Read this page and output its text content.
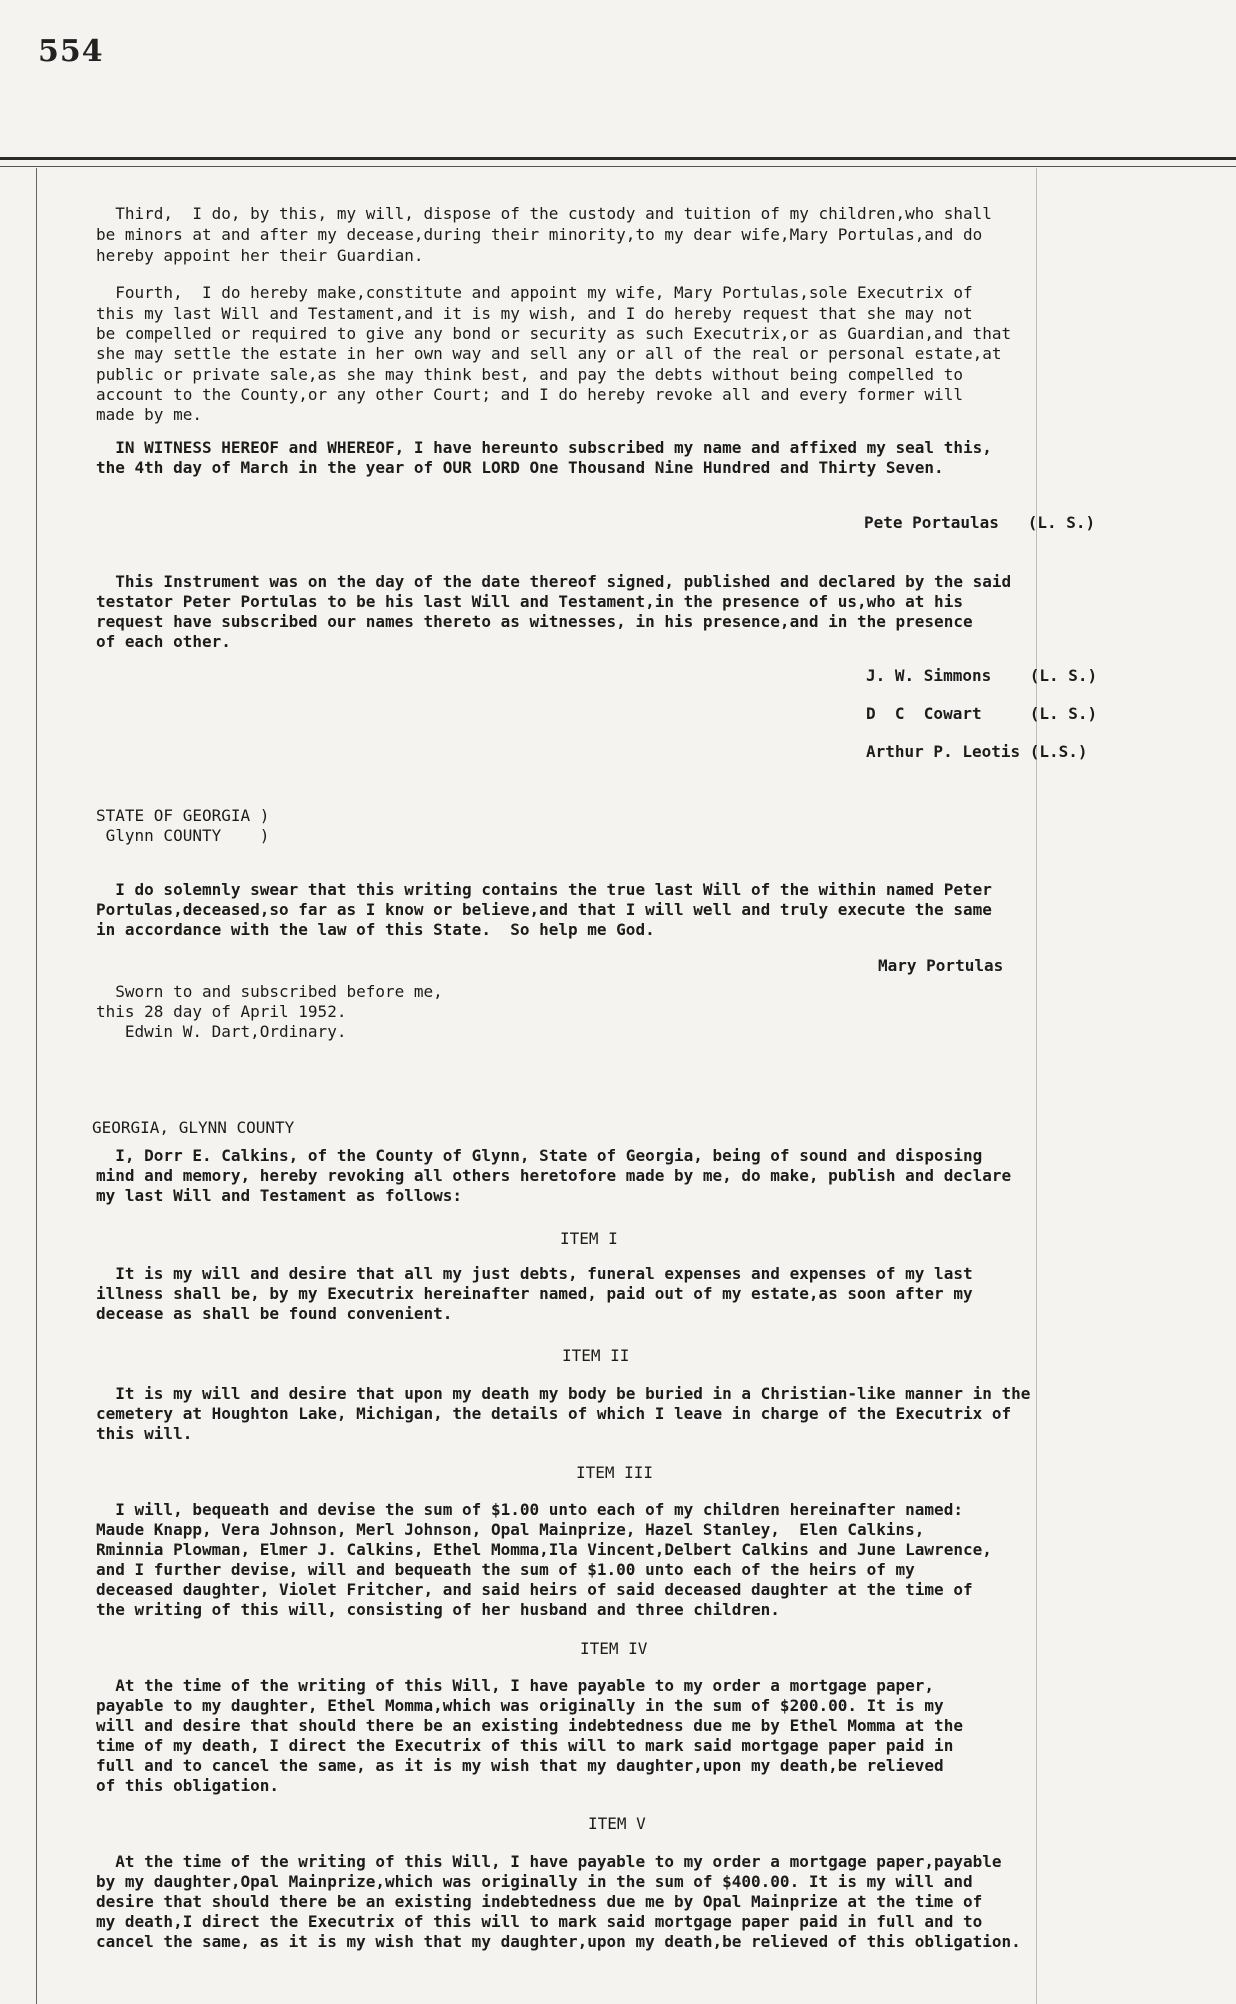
554

Third,  I do, by this, my will, dispose of the custody and tuition of my children,who shall

be minors at and after my decease,during their minority,to my dear wife,Mary Portulas,and do

hereby appoint her their Guardian.

Fourth,  I do hereby make,constitute and appoint my wife, Mary Portulas,sole Executrix of

this my last Will and Testament,and it is my wish, and I do hereby request that she may not

be compelled or required to give any bond or security as such Executrix,or as Guardian,and that

she may settle the estate in her own way and sell any or all of the real or personal estate,at

public or private sale,as she may think best, and pay the debts without being compelled to

account to the County,or any other Court; and I do hereby revoke all and every former will

made by me.

IN WITNESS HEREOF and WHEREOF, I have hereunto subscribed my name and affixed my seal this,

the 4th day of March in the year of OUR LORD One Thousand Nine Hundred and Thirty Seven.

Pete Portaulas   (L. S.)

This Instrument was on the day of the date thereof signed, published and declared by the said

testator Peter Portulas to be his last Will and Testament,in the presence of us,who at his

request have subscribed our names thereto as witnesses, in his presence,and in the presence

of each other.

J. W. Simmons    (L. S.)

D  C  Cowart     (L. S.)

Arthur P. Leotis (L.S.)

STATE OF GEORGIA )

Glynn COUNTY    )

I do solemnly swear that this writing contains the true last Will of the within named Peter

Portulas,deceased,so far as I know or believe,and that I will well and truly execute the same

in accordance with the law of this State.  So help me God.

Mary Portulas

Sworn to and subscribed before me,

this 28 day of April 1952.

Edwin W. Dart,Ordinary.

GEORGIA, GLYNN COUNTY

I, Dorr E. Calkins, of the County of Glynn, State of Georgia, being of sound and disposing

mind and memory, hereby revoking all others heretofore made by me, do make, publish and declare

my last Will and Testament as follows:

ITEM I

It is my will and desire that all my just debts, funeral expenses and expenses of my last

illness shall be, by my Executrix hereinafter named, paid out of my estate,as soon after my

decease as shall be found convenient.

ITEM II

It is my will and desire that upon my death my body be buried in a Christian-like manner in the

cemetery at Houghton Lake, Michigan, the details of which I leave in charge of the Executrix of

this will.

ITEM III

I will, bequeath and devise the sum of $1.00 unto each of my children hereinafter named:

Maude Knapp, Vera Johnson, Merl Johnson, Opal Mainprize, Hazel Stanley,  Elen Calkins,

Rminnia Plowman, Elmer J. Calkins, Ethel Momma,Ila Vincent,Delbert Calkins and June Lawrence,

and I further devise, will and bequeath the sum of $1.00 unto each of the heirs of my

deceased daughter, Violet Fritcher, and said heirs of said deceased daughter at the time of

the writing of this will, consisting of her husband and three children.

ITEM IV

At the time of the writing of this Will, I have payable to my order a mortgage paper,

payable to my daughter, Ethel Momma,which was originally in the sum of $200.00. It is my

will and desire that should there be an existing indebtedness due me by Ethel Momma at the

time of my death, I direct the Executrix of this will to mark said mortgage paper paid in

full and to cancel the same, as it is my wish that my daughter,upon my death,be relieved

of this obligation.

ITEM V

At the time of the writing of this Will, I have payable to my order a mortgage paper,payable

by my daughter,Opal Mainprize,which was originally in the sum of $400.00. It is my will and

desire that should there be an existing indebtedness due me by Opal Mainprize at the time of

my death,I direct the Executrix of this will to mark said mortgage paper paid in full and to

cancel the same, as it is my wish that my daughter,upon my death,be relieved of this obligation.
